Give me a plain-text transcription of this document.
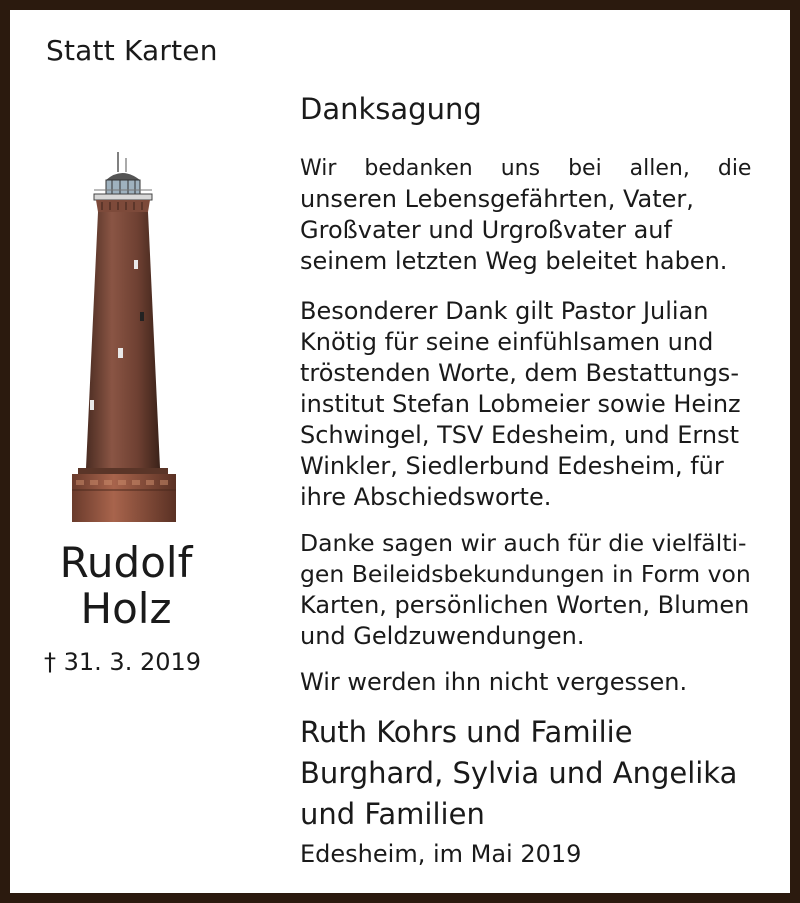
Statt Karten
Rudolf
Holz
† 31. 3. 2019
Danksagung
Wir bedanken uns bei allen, die
unseren Lebensgefährten, Vater,
Großvater und Urgroßvater auf
seinem letzten Weg beleitet haben.
Besonderer Dank gilt Pastor Julian
Knötig für seine einfühlsamen und
tröstenden Worte, dem Bestattungs-
institut Stefan Lobmeier sowie Heinz
Schwingel, TSV Edesheim, und Ernst
Winkler, Siedlerbund Edesheim, für
ihre Abschiedsworte.
Danke sagen wir auch für die vielfälti-
gen Beileidsbekundungen in Form von
Karten, persönlichen Worten, Blumen
und Geldzuwendungen.
Wir werden ihn nicht vergessen.
Ruth Kohrs und Familie
Burghard, Sylvia und Angelika
und Familien
Edesheim, im Mai 2019
